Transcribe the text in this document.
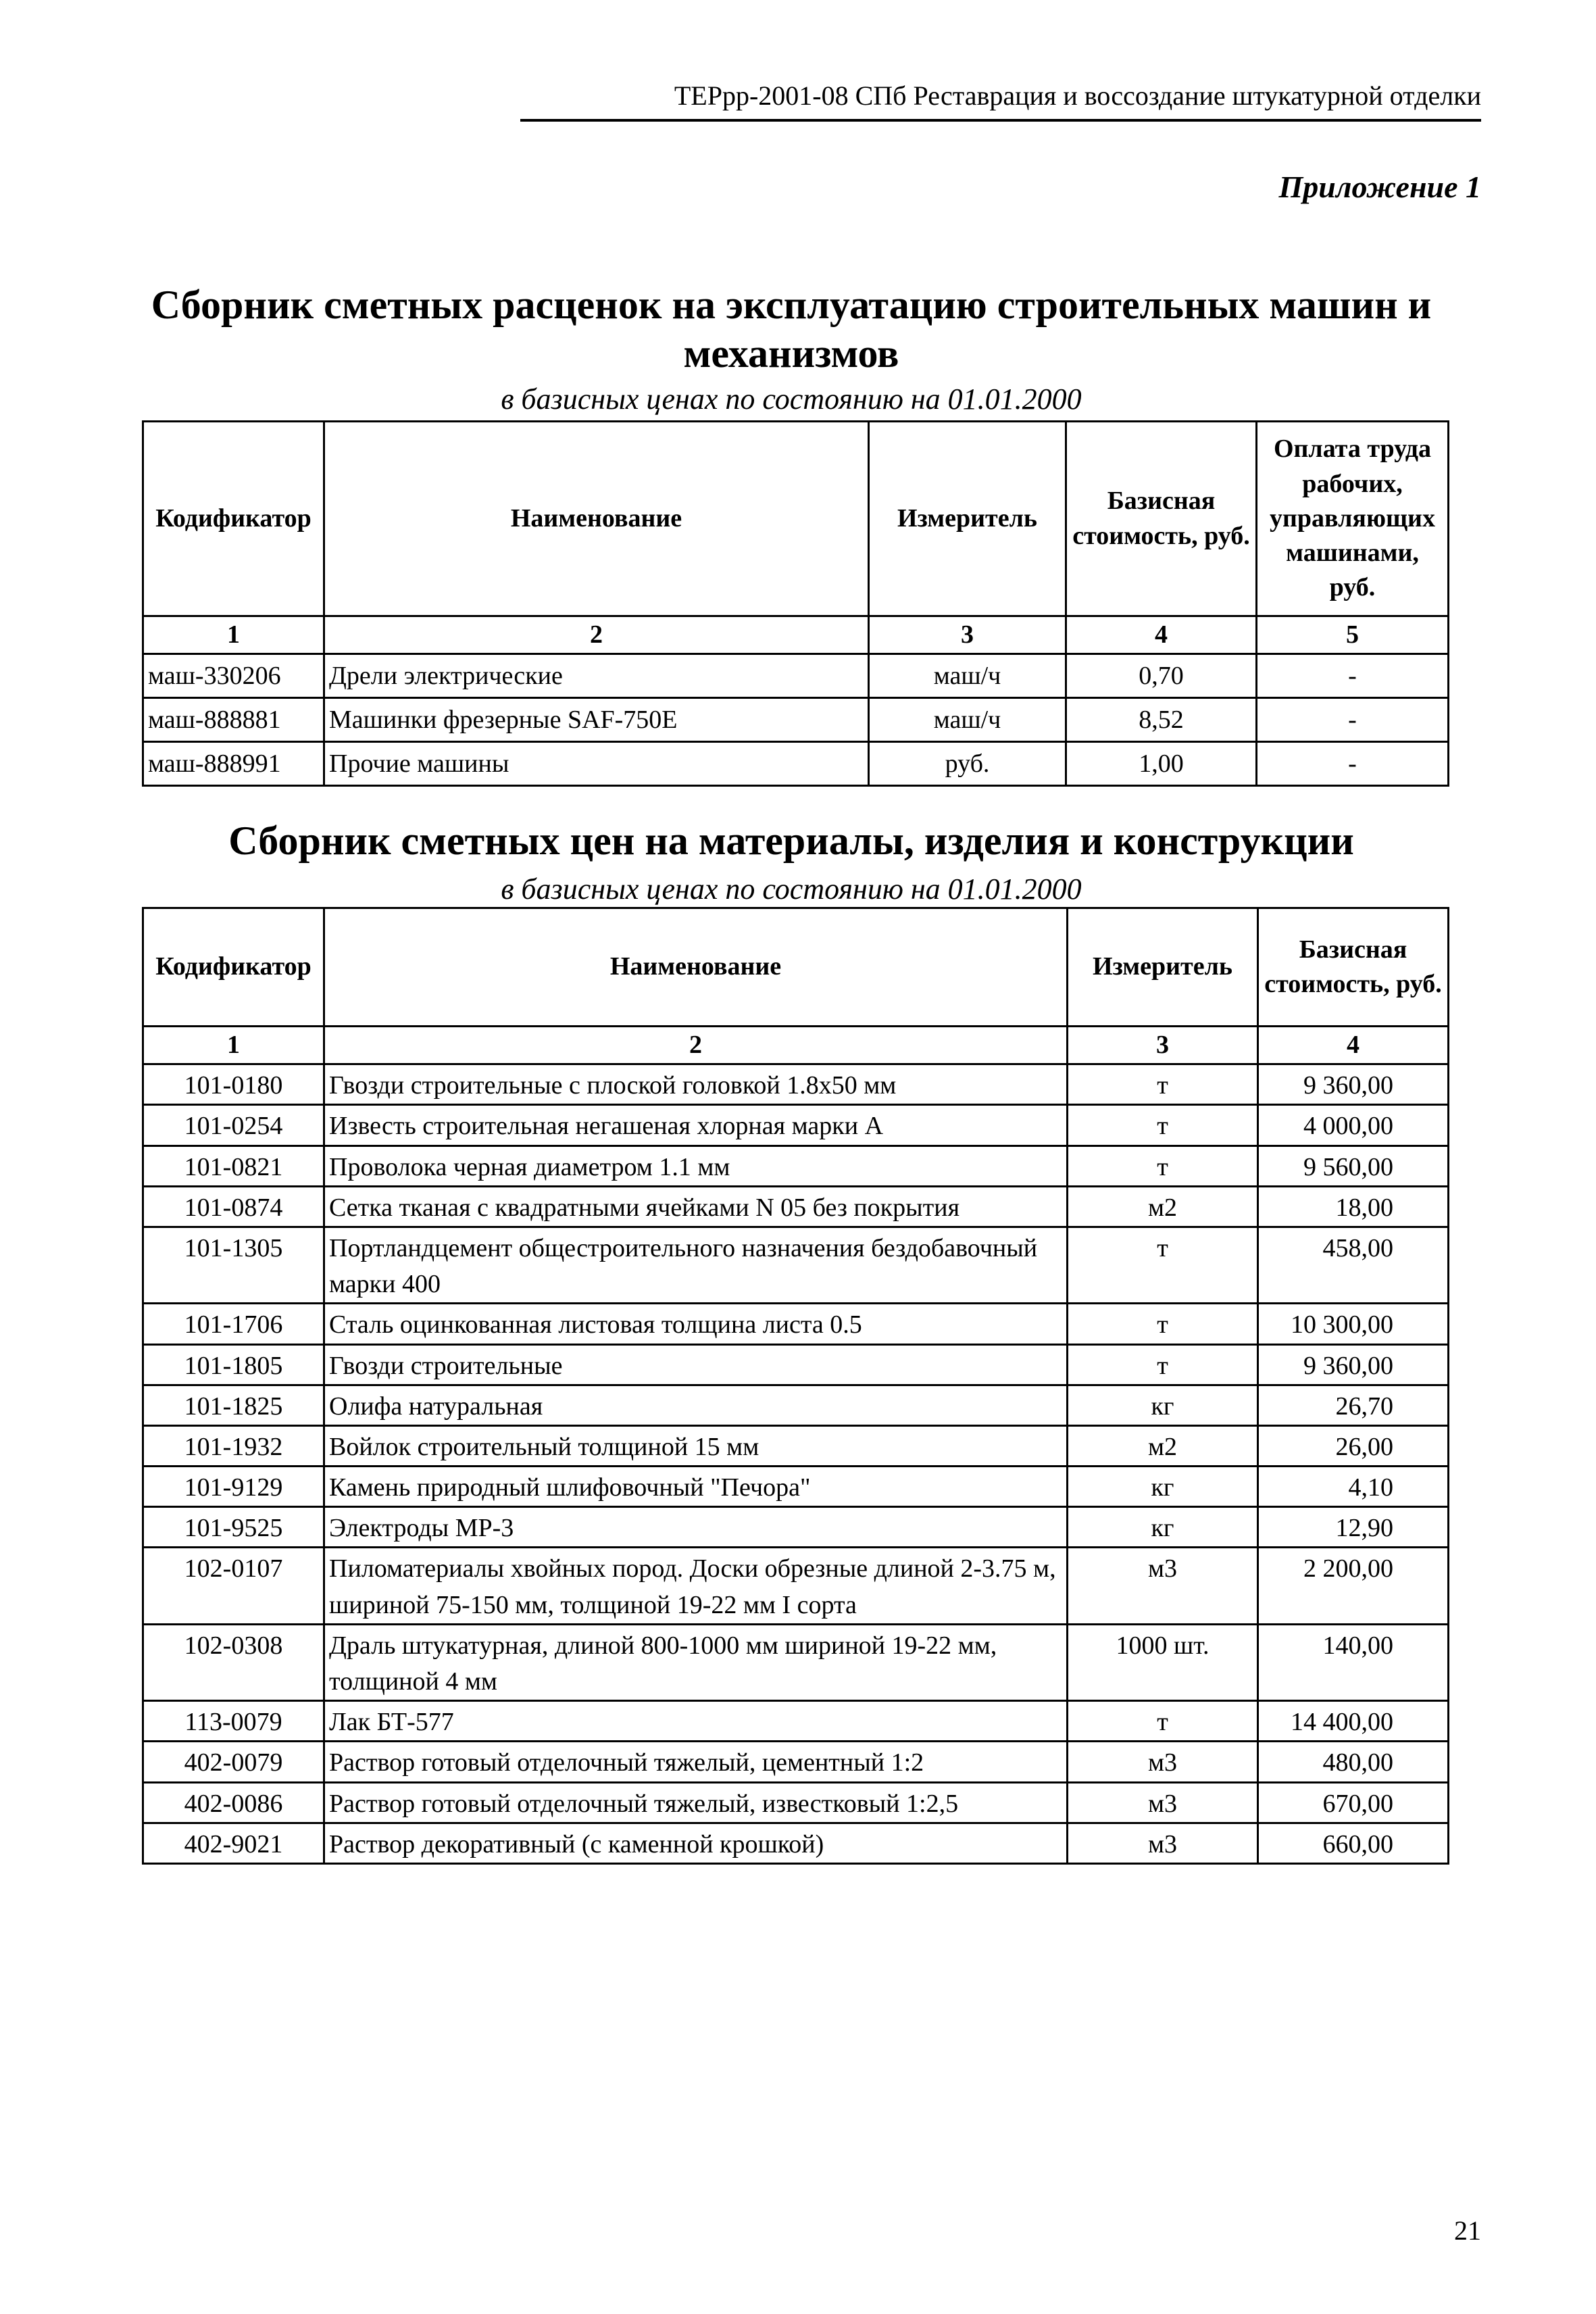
ТЕРрр-2001-08 СПб Реставрация и воссоздание штукатурной отделки
Приложение 1
Сборник сметных расценок на эксплуатацию строительных машин и механизмов
в базисных ценах по состоянию на 01.01.2000
Кодификатор	Наименование	Измеритель	Базисная стоимость, руб.	Оплата труда рабочих, управляющих машинами, руб.
1	2	3	4	5
маш-330206	Дрели электрические	маш/ч	0,70	-
маш-888881	Машинки фрезерные SAF-750E	маш/ч	8,52	-
маш-888991	Прочие машины	руб.	1,00	-
Сборник сметных цен на материалы, изделия и конструкции
в базисных ценах по состоянию на 01.01.2000
Кодификатор	Наименование	Измеритель	Базисная стоимость, руб.
1	2	3	4
101-0180	Гвозди строительные с плоской головкой 1.8x50 мм	т	9 360,00
101-0254	Известь строительная негашеная хлорная марки А	т	4 000,00
101-0821	Проволока черная диаметром 1.1 мм	т	9 560,00
101-0874	Сетка тканая с квадратными ячейками N 05 без покрытия	м2	18,00
101-1305	Портландцемент общестроительного назначения бездобавочный марки 400	т	458,00
101-1706	Сталь оцинкованная листовая толщина листа 0.5	т	10 300,00
101-1805	Гвозди строительные	т	9 360,00
101-1825	Олифа натуральная	кг	26,70
101-1932	Войлок строительный толщиной 15 мм	м2	26,00
101-9129	Камень природный шлифовочный "Печора"	кг	4,10
101-9525	Электроды МР-3	кг	12,90
102-0107	Пиломатериалы хвойных пород. Доски обрезные длиной 2-3.75 м, шириной 75-150 мм, толщиной 19-22 мм I сорта	м3	2 200,00
102-0308	Драль штукатурная, длиной 800-1000 мм шириной 19-22 мм, толщиной 4 мм	1000 шт.	140,00
113-0079	Лак БТ-577	т	14 400,00
402-0079	Раствор готовый отделочный тяжелый, цементный 1:2	м3	480,00
402-0086	Раствор готовый отделочный тяжелый, известковый 1:2,5	м3	670,00
402-9021	Раствор декоративный (с каменной крошкой)	м3	660,00
21
